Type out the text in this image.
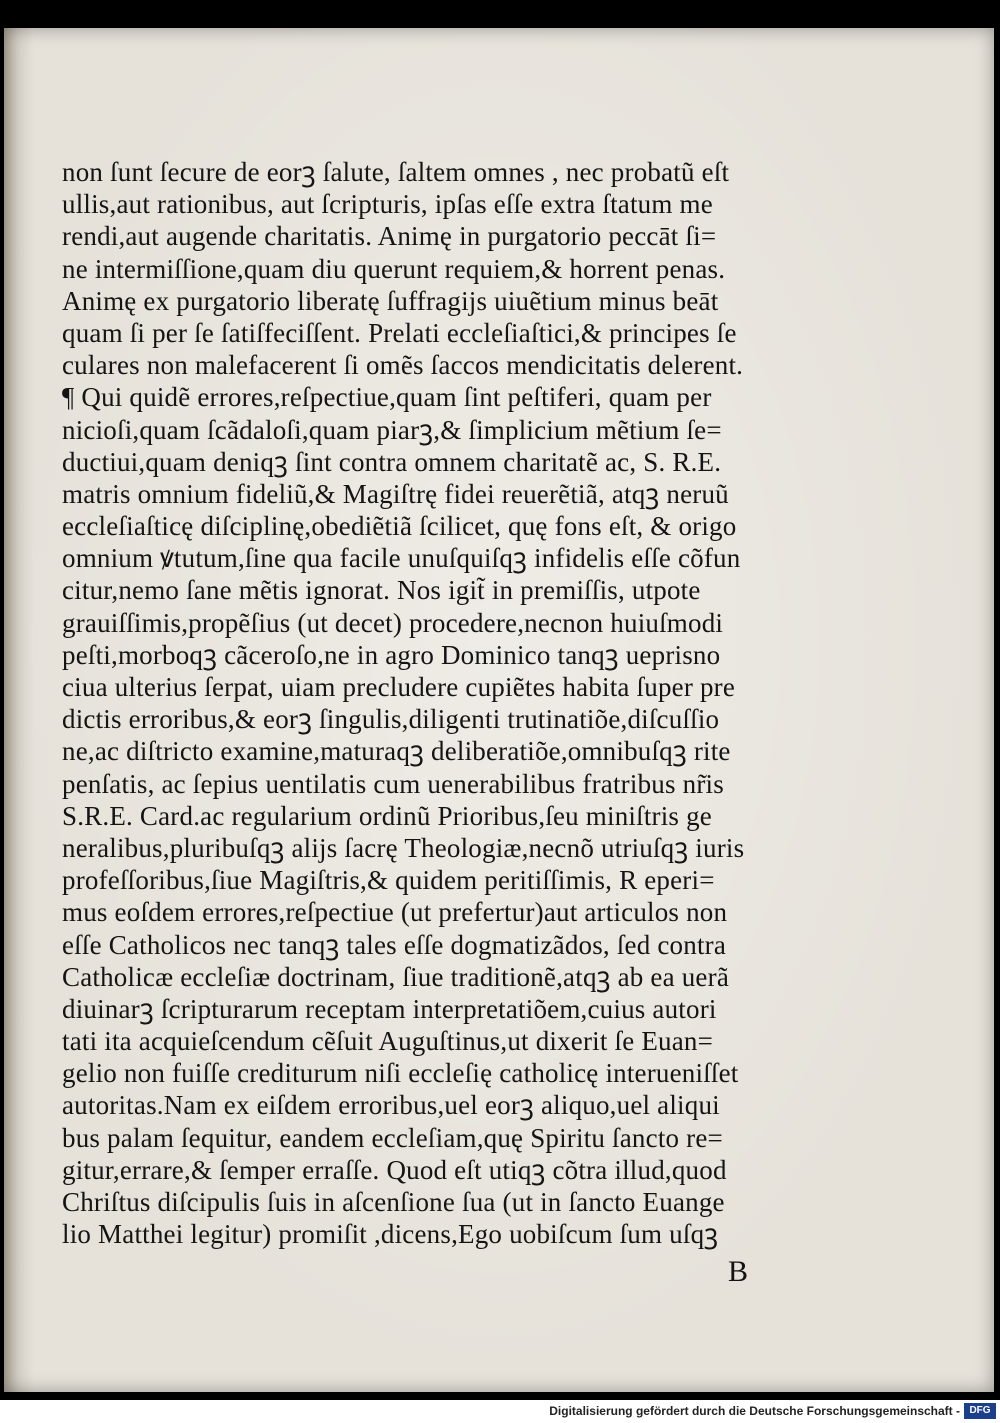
non ſunt ſecure de eorꝫ ſalute, ſaltem omnes , nec probatũ eſt
ullis,aut rationibus, aut ſcripturis, ipſas eſſe extra ſtatum me
rendi,aut augende charitatis. Animę in purgatorio peccāt ſi=
ne intermiſſione,quam diu querunt requiem,& horrent penas.
Animę ex purgatorio liberatę ſuffragijs uiuẽtium minus beāt
quam ſi per ſe ſatiſfeciſſent. Prelati eccleſiaſtici,& principes ſe
culares non malefacerent ſi omẽs ſaccos mendicitatis delerent.
¶ Qui quidẽ errores,reſpectiue,quam ſint peſtiferi, quam per
nicioſi,quam ſcãdaloſi,quam piarꝫ,& ſimplicium mẽtium ſe=
ductiui,quam deniqꝫ ſint contra omnem charitatẽ ac, S. R.E.
matris omnium fideliũ,& Magiſtrę fidei reuerẽtiã, atqꝫ neruũ
eccleſiaſticę diſciplinę,obediẽtiã ſcilicet, quę fons eſt, & origo
omnium ꝟtutum,ſine qua facile unuſquiſqꝫ infidelis eſſe cõfun
citur,nemo ſane mẽtis ignorat. Nos igit̃ in premiſſis, utpote
grauiſſimis,propẽſius (ut decet) procedere,necnon huiuſmodi
peſti,morboqꝫ cãceroſo,ne in agro Dominico tanqꝫ ueprisno
ciua ulterius ſerpat, uiam precludere cupiẽtes habita ſuper pre
dictis erroribus,& eorꝫ ſingulis,diligenti trutinatiõe,diſcuſſio
ne,ac diſtricto examine,maturaqꝫ deliberatiõe,omnibuſqꝫ rite
penſatis, ac ſepius uentilatis cum uenerabilibus fratribus nr̃is
S.R.E. Card.ac regularium ordinũ Prioribus,ſeu miniſtris ge
neralibus,pluribuſqꝫ alijs ſacrę Theologiæ,necnõ utriuſqꝫ iuris
profeſſoribus,ſiue Magiſtris,& quidem peritiſſimis, R eperi=
mus eoſdem errores,reſpectiue (ut prefertur)aut articulos non
eſſe Catholicos nec tanqꝫ tales eſſe dogmatizãdos, ſed contra
Catholicæ eccleſiæ doctrinam, ſiue traditionẽ,atqꝫ ab ea uerã
diuinarꝫ ſcripturarum receptam interpretatiõem,cuius autori
tati ita acquieſcendum cẽſuit Auguſtinus,ut dixerit ſe Euan=
gelio non fuiſſe crediturum niſi eccleſię catholicę interueniſſet
autoritas.Nam ex eiſdem erroribus,uel eorꝫ aliquo,uel aliqui
bus palam ſequitur, eandem eccleſiam,quę Spiritu ſancto re=
gitur,errare,& ſemper erraſſe. Quod eſt utiqꝫ cõtra illud,quod
Chriſtus diſcipulis ſuis in aſcenſione ſua (ut in ſancto Euange
lio Matthei legitur) promiſit ,dicens,Ego uobiſcum ſum uſqꝫ
B
Digitalisierung gefördert durch die Deutsche Forschungsgemeinschaft - DFG
